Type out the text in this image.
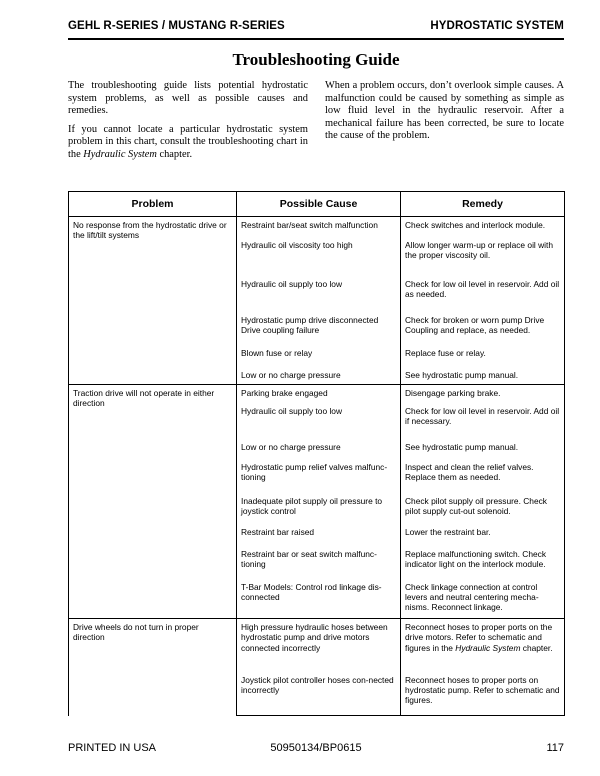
GEHL R-SERIES / MUSTANG R-SERIES	HYDROSTATIC SYSTEM
Troubleshooting Guide

The troubleshooting guide lists potential hydrostatic system problems, as well as possible causes and remedies.

If you cannot locate a particular hydrostatic system problem in this chart, consult the troubleshooting chart in the Hydraulic System chapter.

When a problem occurs, don’t overlook simple causes. A malfunction could be caused by something as simple as low fluid level in the hydraulic reservoir. After a mechanical failure has been corrected, be sure to locate the cause of the problem.

Problem	Possible Cause	Remedy

No response from the hydrostatic drive or the lift/tilt systems	Restraint bar/seat switch malfunction	Check switches and interlock module.

	Hydraulic oil viscosity too high	Allow longer warm-up or replace oil with the proper viscosity oil.

	Hydraulic oil supply too low	Check for low oil level in reservoir. Add oil as needed.

	Hydrostatic pump drive disconnected Drive coupling failure	Check for broken or worn pump Drive Coupling and replace, as needed.

	Blown fuse or relay	Replace fuse or relay.

	Low or no charge pressure	See hydrostatic pump manual.

Traction drive will not operate in either direction	Parking brake engaged	Disengage parking brake.

	Hydraulic oil supply too low	Check for low oil level in reservoir. Add oil if necessary.

	Low or no charge pressure	See hydrostatic pump manual.

	Hydrostatic pump relief valves malfunc-tioning	Inspect and clean the relief valves. Replace them as needed.

	Inadequate pilot supply oil pressure to joystick control	Check pilot supply oil pressure. Check pilot supply cut-out solenoid.

	Restraint bar raised	Lower the restraint bar.

	Restraint bar or seat switch malfunc-tioning	Replace malfunctioning switch. Check indicator light on the interlock module.

	T-Bar Models: Control rod linkage dis-connected	Check linkage connection at control levers and neutral centering mecha-nisms. Reconnect linkage.

Drive wheels do not turn in proper direction	High pressure hydraulic hoses between hydrostatic pump and drive motors connected incorrectly	Reconnect hoses to proper ports on the drive motors. Refer to schematic and figures in the Hydraulic System chapter.

	Joystick pilot controller hoses con-nected incorrectly	Reconnect hoses to proper ports on hydrostatic pump. Refer to schematic and figures.
PRINTED IN USA	50950134/BP0615	117
